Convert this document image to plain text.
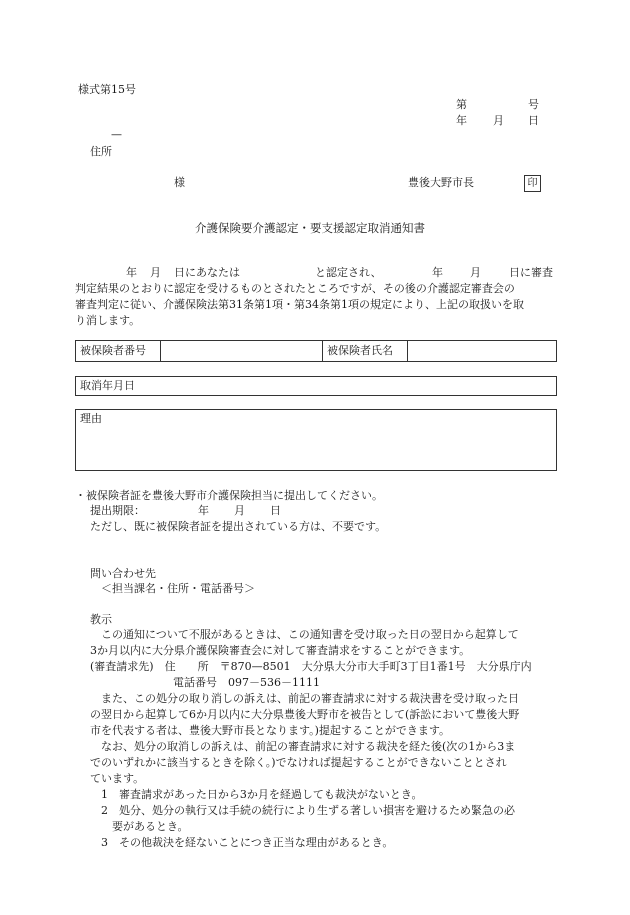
様式第15号
第	号
年 月 日
—
住所
様	豊後大野市長	印
介護保険要介護認定・要支援認定取消通知書
年 月 日にあなたは	と認定され、	年 月	日に審査
判定結果のとおりに認定を受けるものとされたところですが、その後の介護認定審査会の
審査判定に従い、介護保険法第31条第1項・第34条第1項の規定により、上記の取扱いを取
り消します。
被保険者番号	被保険者氏名
取消年月日
理由
・被保険者証を豊後大野市介護保険担当に提出してください。
提出期限：	年 月 日
ただし、既に被保険者証を提出されている方は、不要です。
問い合わせ先
＜担当課名・住所・電話番号＞
教示
この通知について不服があるときは、この通知書を受け取った日の翌日から起算して
3か月以内に大分県介護保険審査会に対して審査請求をすることができます。
(審査請求先)　住　　所　〒870—8501　大分県大分市大手町3丁目1番1号　大分県庁内
電話番号　097－536－1111
また、この処分の取り消しの訴えは、前記の審査請求に対する裁決書を受け取った日
の翌日から起算して6か月以内に大分県豊後大野市を被告として(訴訟において豊後大野
市を代表する者は、豊後大野市長となります。)提起することができます。
なお、処分の取消しの訴えは、前記の審査請求に対する裁決を経た後(次の1から3ま
でのいずれかに該当するときを除く。)でなければ提起することができないこととされ
ています。
1　審査請求があった日から3か月を経過しても裁決がないとき。
2　処分、処分の執行又は手続の続行により生ずる著しい損害を避けるため緊急の必
要があるとき。
3　その他裁決を経ないことにつき正当な理由があるとき。
